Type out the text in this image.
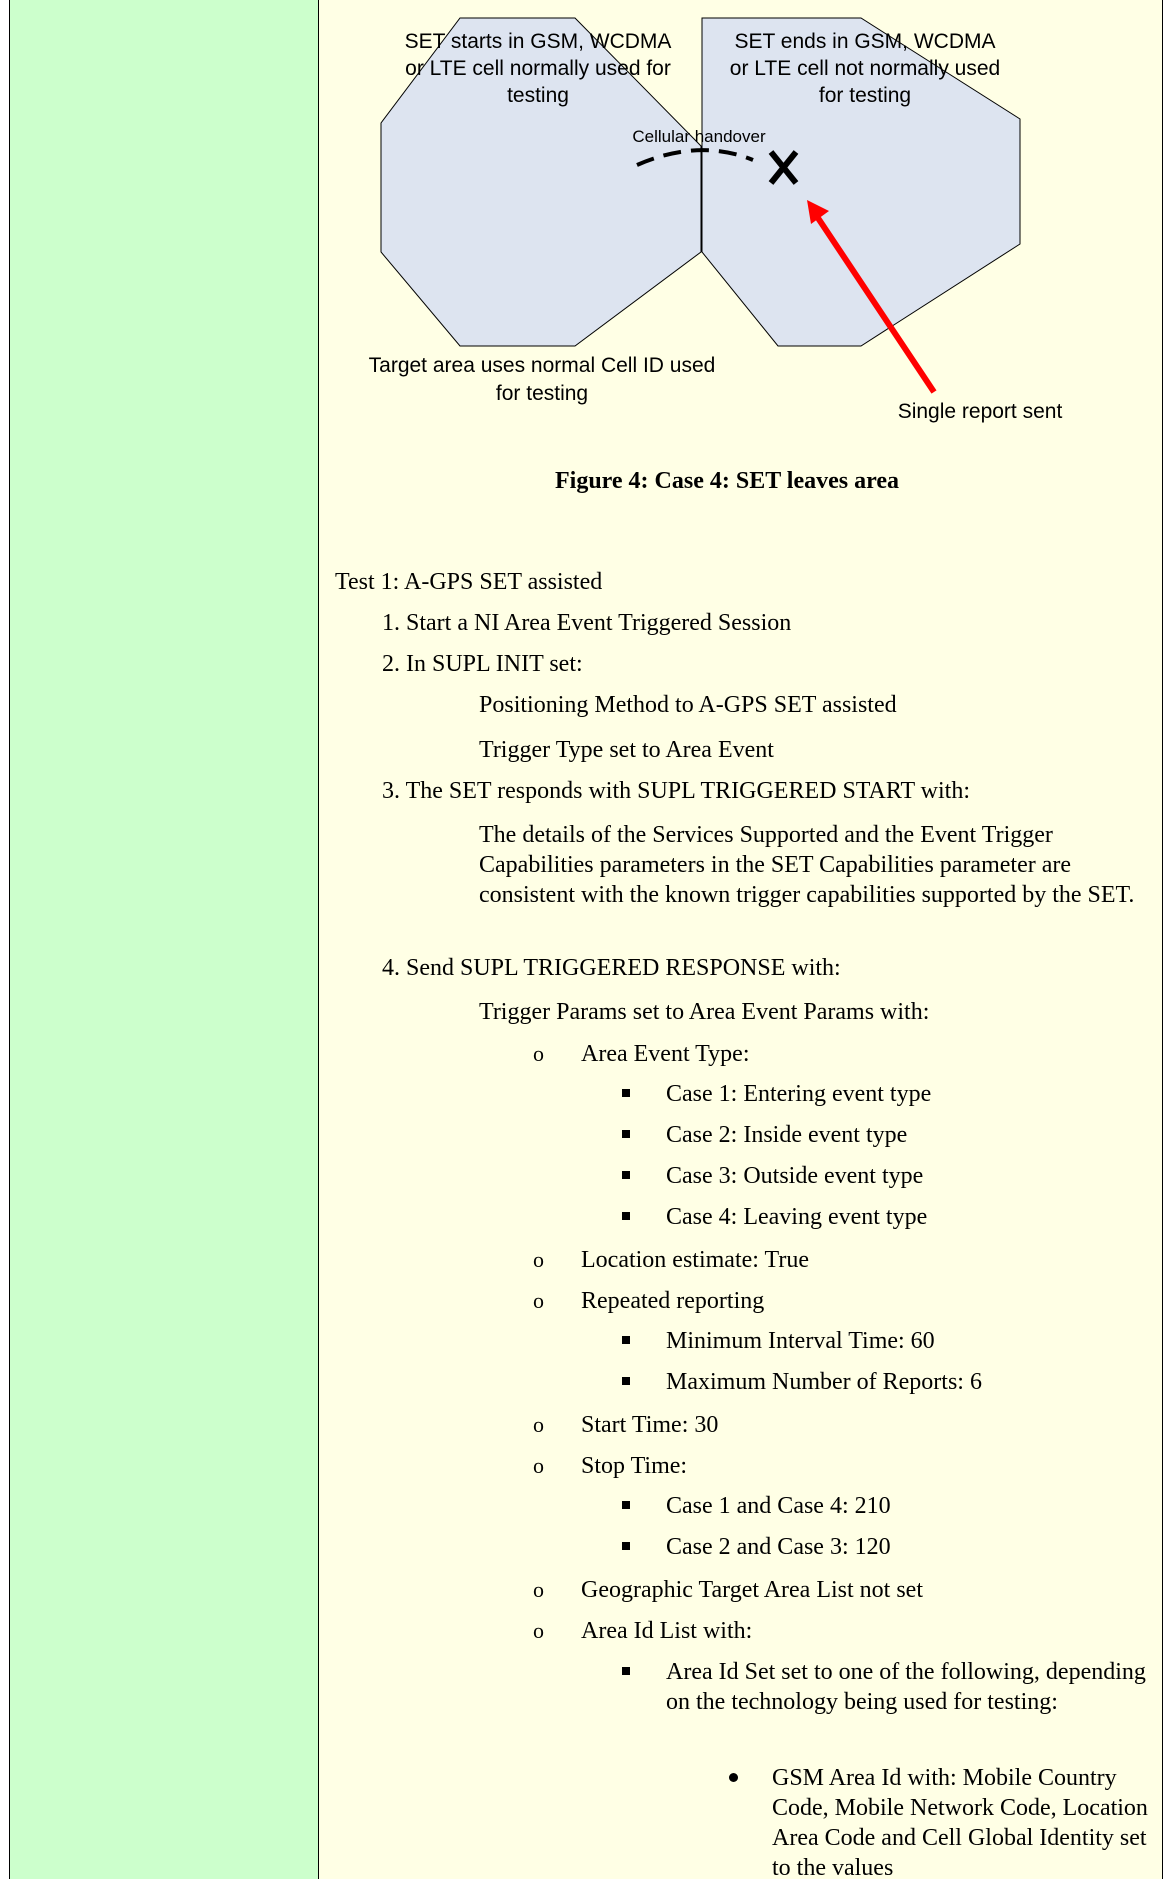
SET starts in GSM, WCDMA
or LTE cell normally used for
testing
SET ends in GSM, WCDMA
or LTE cell not normally used
for testing
Cellular handover
Target area uses normal Cell ID used
for testing
Single report sent
Figure 4: Case 4: SET leaves area
Test 1: A-GPS SET assisted
1. Start a NI Area Event Triggered Session
2. In SUPL INIT set:
Positioning Method to A-GPS SET assisted
Trigger Type set to Area Event
3. The SET responds with SUPL TRIGGERED START with:
The details of the Services Supported and the Event Trigger Capabilities parameters in the SET Capabilities parameter are consistent with the known trigger capabilities supported by the SET.
4. Send SUPL TRIGGERED RESPONSE with:
Trigger Params set to Area Event Params with:
o Area Event Type:
Case 1: Entering event type
Case 2: Inside event type
Case 3: Outside event type
Case 4: Leaving event type
o Location estimate: True
o Repeated reporting
Minimum Interval Time: 60
Maximum Number of Reports: 6
o Start Time: 30
o Stop Time:
Case 1 and Case 4: 210
Case 2 and Case 3: 120
o Geographic Target Area List not set
o Area Id List with:
Area Id Set set to one of the following, depending on the technology being used for testing:
GSM Area Id with: Mobile Country Code, Mobile Network Code, Location Area Code and Cell Global Identity set to the values
